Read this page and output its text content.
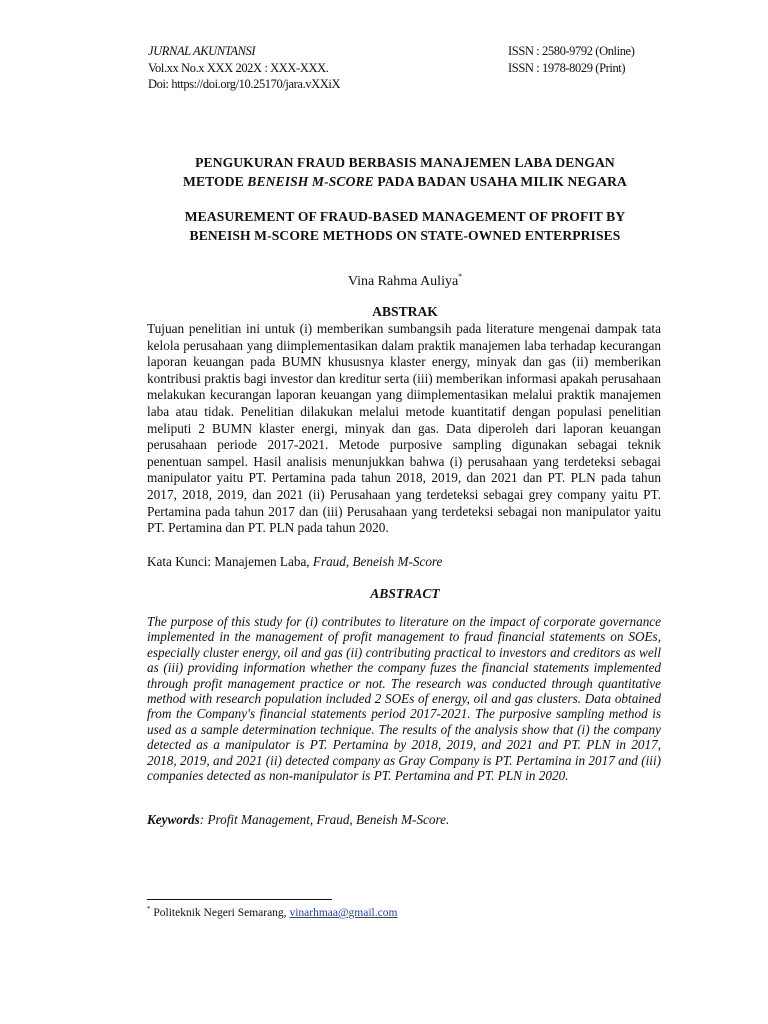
JURNAL AKUNTANSI
Vol.xx No.x XXX 202X : XXX-XXX.
Doi: https://doi.org/10.25170/jara.vXXiX
ISSN : 2580-9792 (Online)
ISSN : 1978-8029 (Print)
PENGUKURAN FRAUD BERBASIS MANAJEMEN LABA DENGAN
METODE BENEISH M-SCORE PADA BADAN USAHA MILIK NEGARA
MEASUREMENT OF FRAUD-BASED MANAGEMENT OF PROFIT BY
BENEISH M-SCORE METHODS ON STATE-OWNED ENTERPRISES
Vina Rahma Auliya*
ABSTRAK
Tujuan penelitian ini untuk (i) memberikan sumbangsih pada literature mengenai dampak tata kelola perusahaan yang diimplementasikan dalam praktik manajemen laba terhadap kecurangan laporan keuangan pada BUMN khususnya klaster energy, minyak dan gas (ii) memberikan kontribusi praktis bagi investor dan kreditur serta (iii) memberikan informasi apakah perusahaan melakukan kecurangan laporan keuangan yang diimplementasikan melalui praktik manajemen laba atau tidak. Penelitian dilakukan melalui metode kuantitatif dengan populasi penelitian meliputi 2 BUMN klaster energi, minyak dan gas. Data diperoleh dari laporan keuangan perusahaan periode 2017-2021. Metode purposive sampling digunakan sebagai teknik penentuan sampel. Hasil analisis menunjukkan bahwa (i) perusahaan yang terdeteksi sebagai manipulator yaitu PT. Pertamina pada tahun 2018, 2019, dan 2021 dan PT. PLN pada tahun 2017, 2018, 2019, dan 2021 (ii) Perusahaan yang terdeteksi sebagai grey company yaitu PT. Pertamina pada tahun 2017 dan (iii) Perusahaan yang terdeteksi sebagai non manipulator yaitu PT. Pertamina dan PT. PLN pada tahun 2020.
Kata Kunci: Manajemen Laba, Fraud, Beneish M-Score
ABSTRACT
The purpose of this study for (i) contributes to literature on the impact of corporate governance implemented in the management of profit management to fraud financial statements on SOEs, especially cluster energy, oil and gas (ii) contributing practical to investors and creditors as well as (iii) providing information whether the company fuzes the financial statements implemented through profit management practice or not. The research was conducted through quantitative method with research population included 2 SOEs of energy, oil and gas clusters. Data obtained from the Company's financial statements period 2017-2021. The purposive sampling method is used as a sample determination technique. The results of the analysis show that (i) the company detected as a manipulator is PT. Pertamina by 2018, 2019, and 2021 and PT. PLN in 2017, 2018, 2019, and 2021 (ii) detected company as Gray Company is PT. Pertamina in 2017 and (iii) companies detected as non-manipulator is PT. Pertamina and PT. PLN in 2020.
Keywords: Profit Management, Fraud, Beneish M-Score.
* Politeknik Negeri Semarang, vinarhmaa@gmail.com
